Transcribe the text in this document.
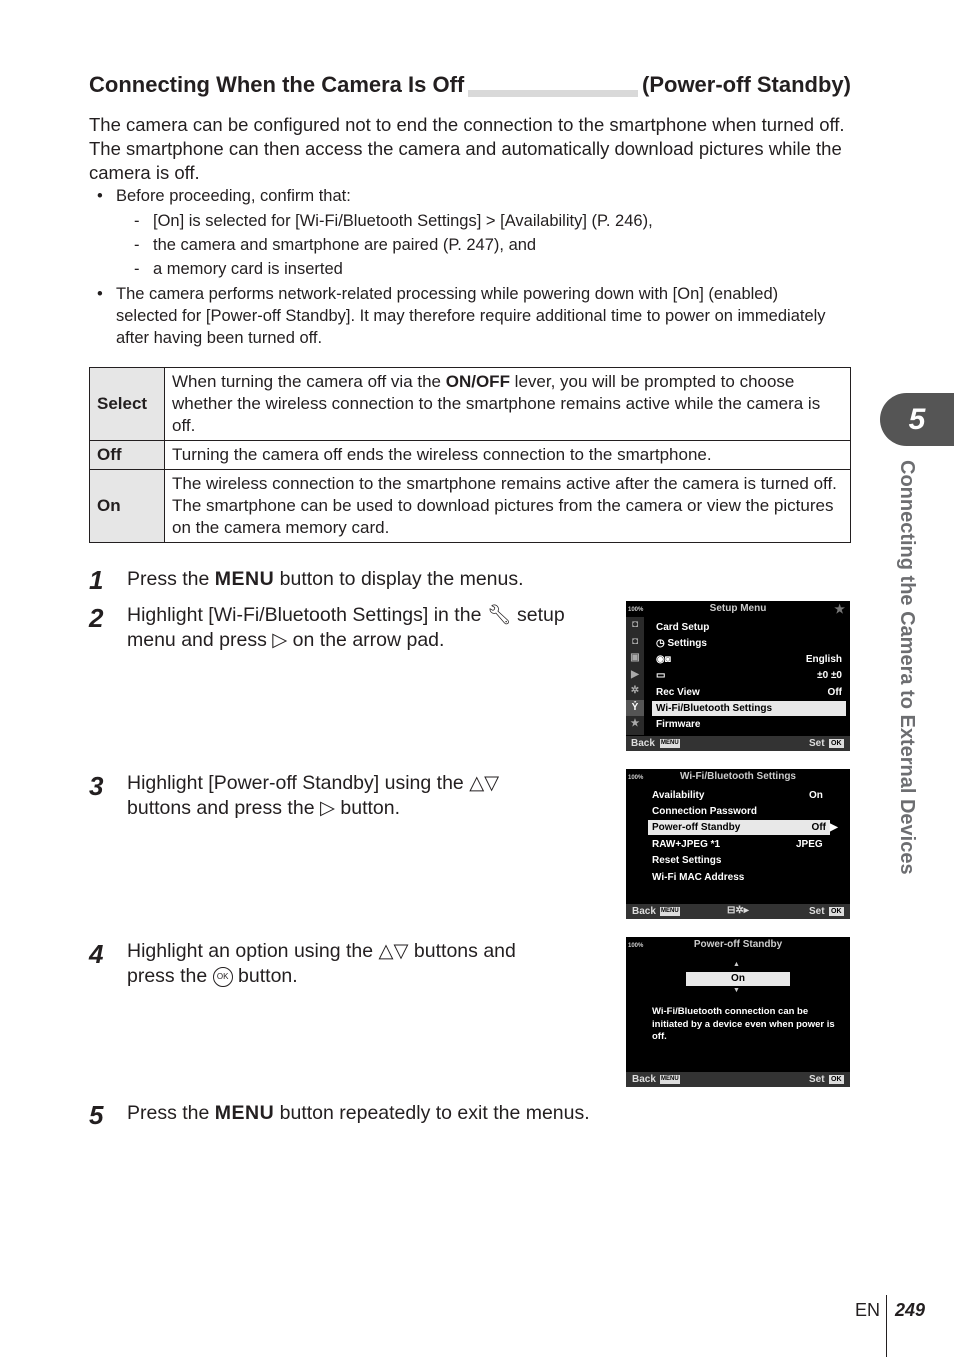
Connecting When the Camera Is Off	(Power-off Standby)
The camera can be configured not to end the connection to the smartphone when turned off. The smartphone can then access the camera and automatically download pictures while the camera is off.
• Before proceeding, confirm that:
- [On] is selected for [Wi-Fi/Bluetooth Settings] > [Availability] (P. 246),
- the camera and smartphone are paired (P. 247), and
- a memory card is inserted
• The camera performs network-related processing while powering down with [On] (enabled) selected for [Power-off Standby]. It may therefore require additional time to power on immediately after having been turned off.
Select	When turning the camera off via the ON/OFF lever, you will be prompted to choose whether the wireless connection to the smartphone remains active while the camera is off.
Off	Turning the camera off ends the wireless connection to the smartphone.
On	The wireless connection to the smartphone remains active after the camera is turned off. The smartphone can be used to download pictures from the camera or view the pictures on the camera memory card.
1 Press the MENU button to display the menus.
2 Highlight [Wi-Fi/Bluetooth Settings] in the 🔧︎ setup
menu and press ▷ on the arrow pad.
3 Highlight [Power-off Standby] using the △▽
buttons and press the ▷ button.
4 Highlight an option using the △▽ buttons and
press the OK button.
5 Press the MENU button repeatedly to exit the menus.
Setup Menu
100%	★
◘
◘
▣
▶
✲
Ỷ
★
Card Setup
◷ Settings
◉◙	English
▭	±0 ±0
Rec View	Off
Wi-Fi/Bluetooth Settings
Firmware
Back MENU	Set OK
Wi-Fi/Bluetooth Settings
100%
Availability	On
Connection Password
Power-off Standby	Off ▶
RAW+JPEG *1	JPEG
Reset Settings
Wi-Fi MAC Address
Back MENU	⊟✲▸	Set OK
Power-off Standby
100%
▲
On
▼
Wi-Fi/Bluetooth connection can be initiated by a device even when power is off.
Back MENU	Set OK
5
Connecting the Camera to External Devices
EN 249
